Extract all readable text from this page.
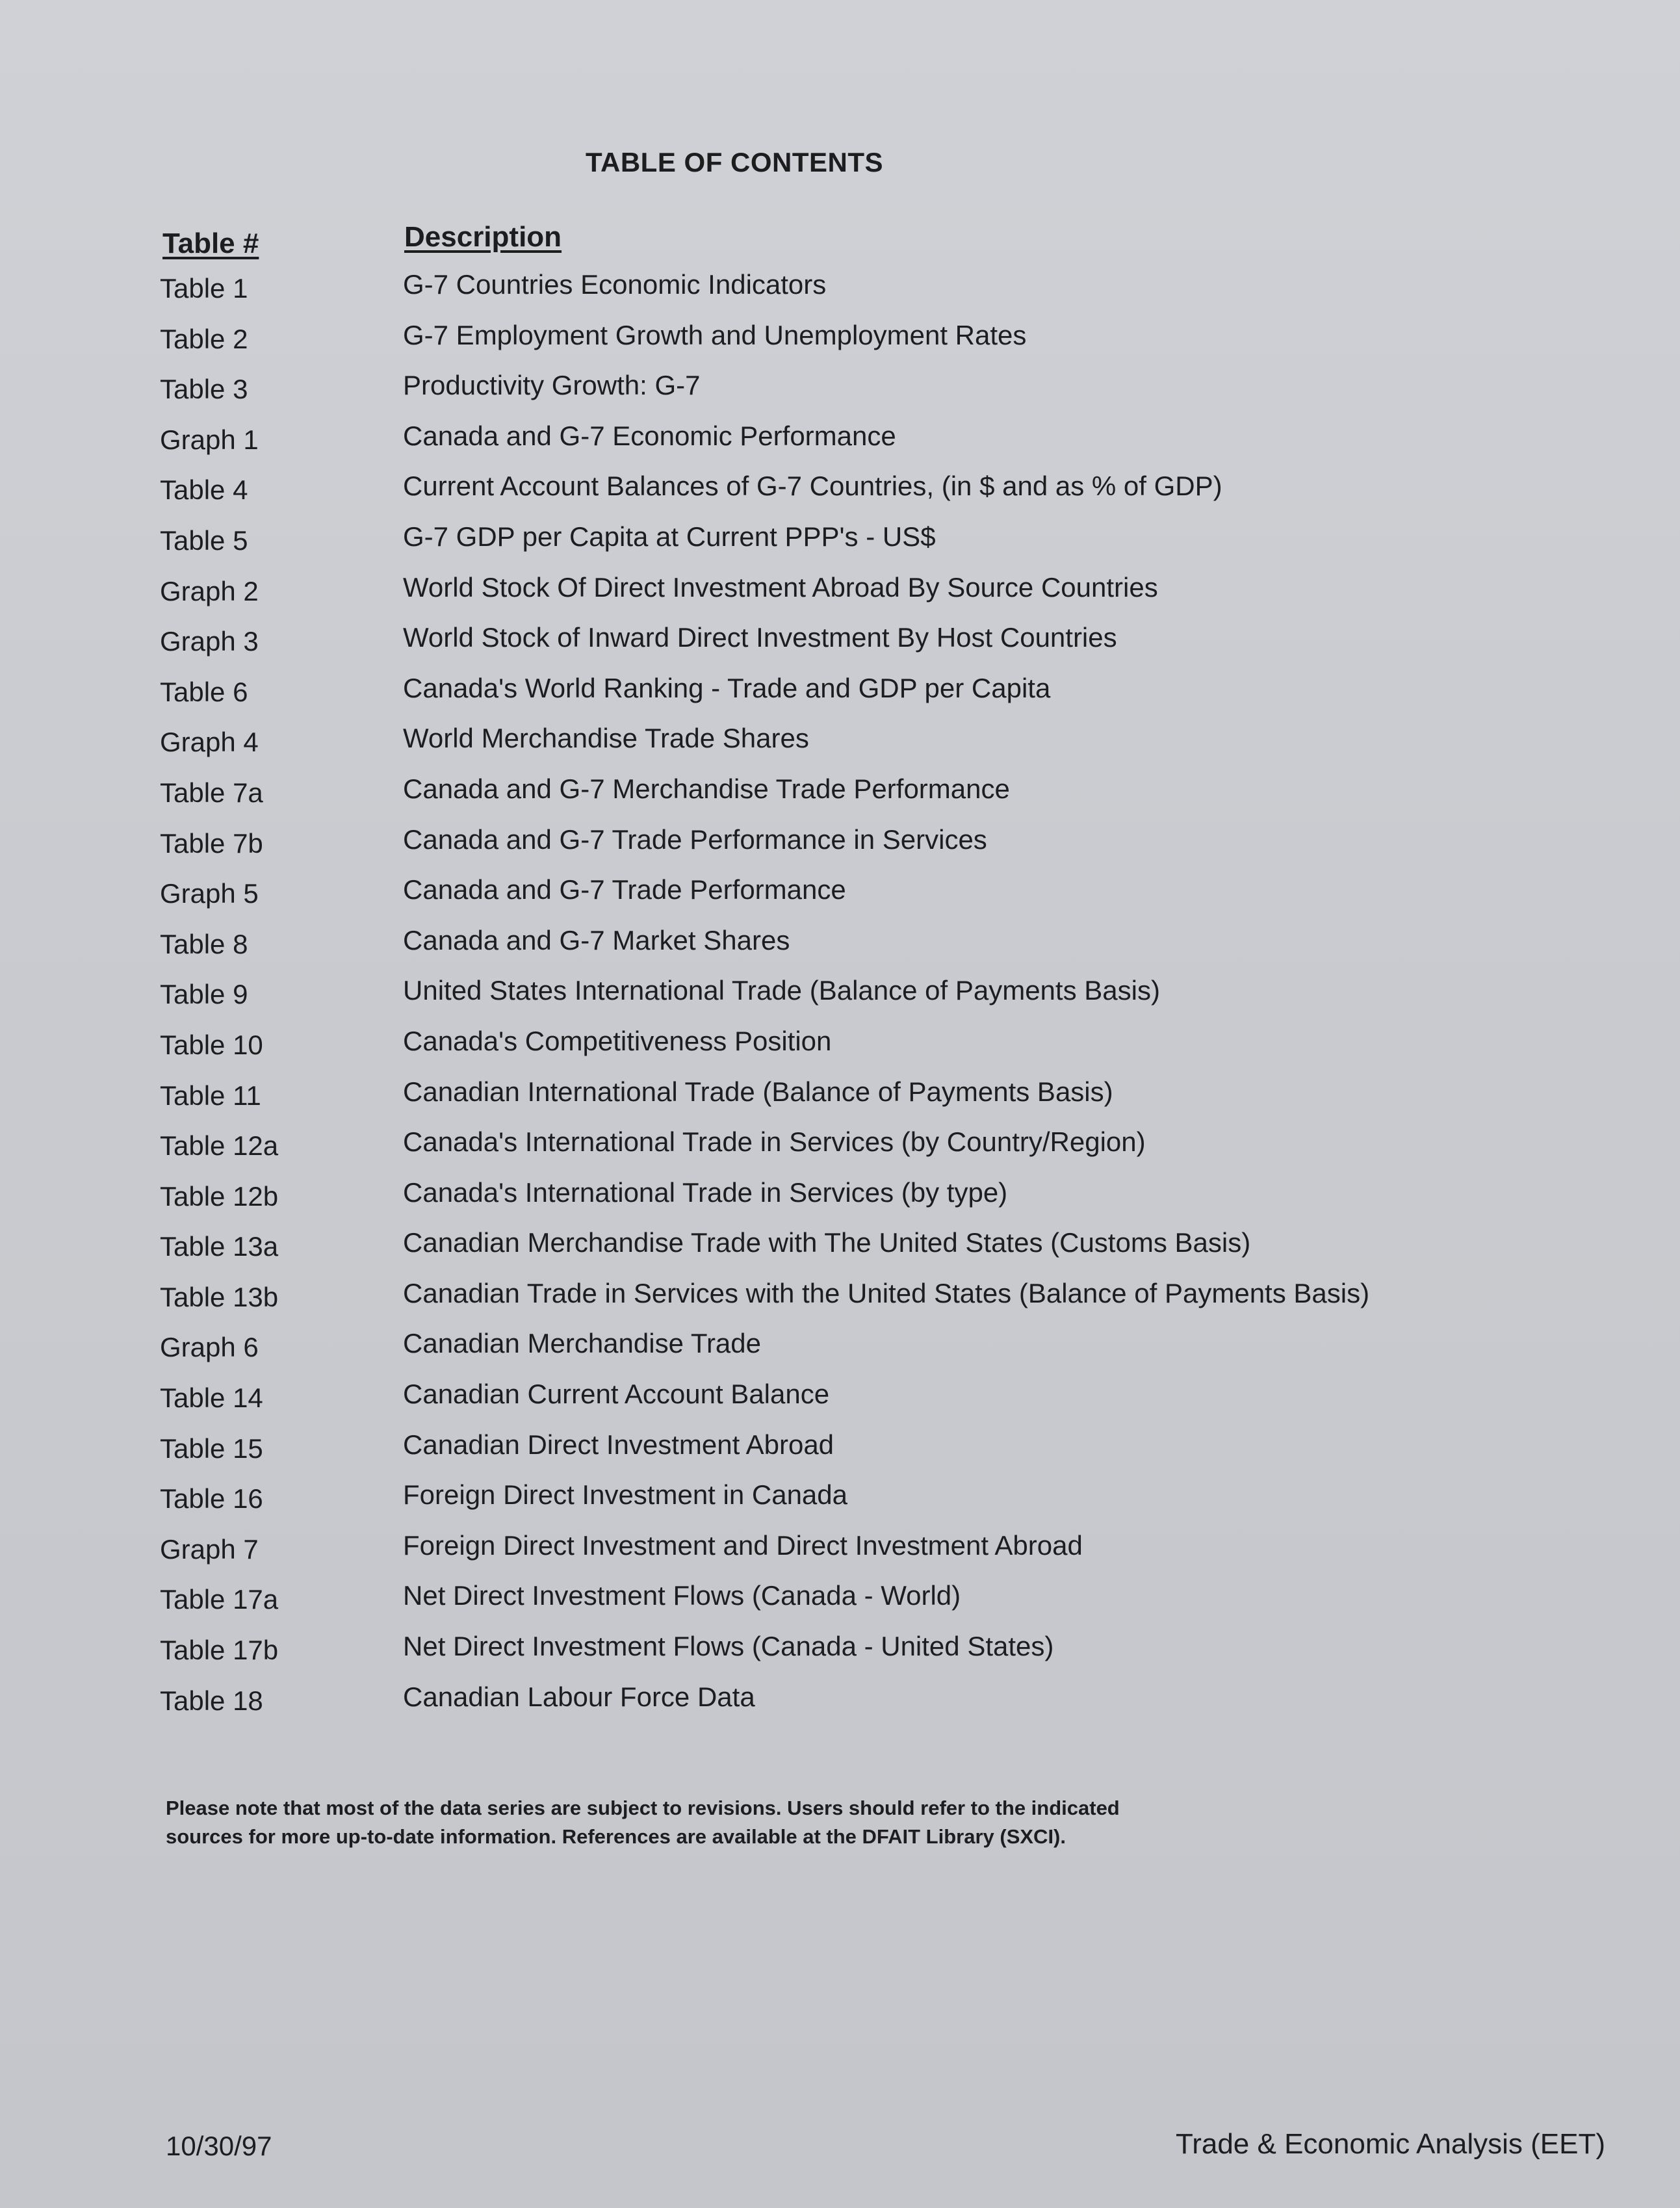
TABLE OF CONTENTS
Table #	Description
Table 1	G-7 Countries Economic Indicators
Table 2	G-7 Employment Growth and Unemployment Rates
Table 3	Productivity Growth: G-7
Graph 1	Canada and G-7 Economic Performance
Table 4	Current Account Balances of G-7 Countries, (in $ and as % of GDP)
Table 5	G-7 GDP per Capita at Current PPP's - US$
Graph 2	World Stock Of Direct Investment Abroad By Source Countries
Graph 3	World Stock of Inward Direct Investment By Host Countries
Table 6	Canada's World Ranking - Trade and GDP per Capita
Graph 4	World Merchandise Trade Shares
Table 7a	Canada and G-7 Merchandise Trade Performance
Table 7b	Canada and G-7 Trade Performance in Services
Graph 5	Canada and G-7 Trade Performance
Table 8	Canada and G-7 Market Shares
Table 9	United States International Trade (Balance of Payments Basis)
Table 10	Canada's Competitiveness Position
Table 11	Canadian International Trade (Balance of Payments Basis)
Table 12a	Canada's International Trade in Services (by Country/Region)
Table 12b	Canada's International Trade in Services (by type)
Table 13a	Canadian Merchandise Trade with The United States (Customs Basis)
Table 13b	Canadian Trade in Services with the United States (Balance of Payments Basis)
Graph 6	Canadian Merchandise Trade
Table 14	Canadian Current Account Balance
Table 15	Canadian Direct Investment Abroad
Table 16	Foreign Direct Investment in Canada
Graph 7	Foreign Direct Investment and Direct Investment Abroad
Table 17a	Net Direct Investment Flows (Canada - World)
Table 17b	Net Direct Investment Flows (Canada - United States)
Table 18	Canadian Labour Force Data
Please note that most of the data series are subject to revisions. Users should refer to the indicated
sources for more up-to-date information. References are available at the DFAIT Library (SXCI).
10/30/97	Trade & Economic Analysis (EET)
